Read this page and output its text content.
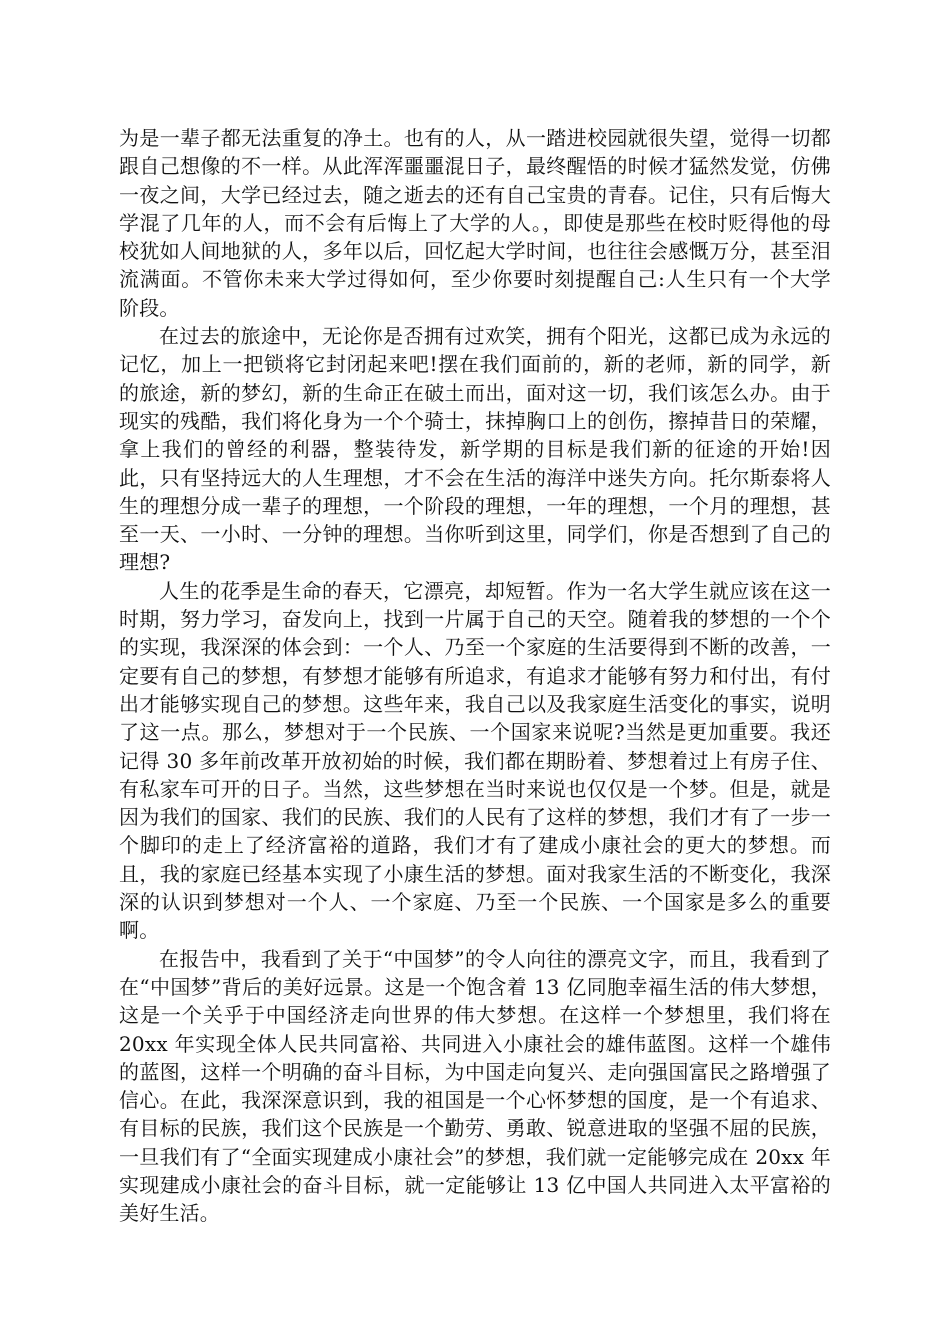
为是一辈子都无法重复的净土。也有的人，从一踏进校园就很失望，觉得一切都跟自己想像的不一样。从此浑浑噩噩混日子，最终醒悟的时候才猛然发觉，仿佛一夜之间，大学已经过去，随之逝去的还有自己宝贵的青春。记住，只有后悔大学混了几年的人，而不会有后悔上了大学的人。，即使是那些在校时贬得他的母校犹如人间地狱的人，多年以后，回忆起大学时间，也往往会感慨万分，甚至泪流满面。不管你未来大学过得如何，至少你要时刻提醒自己:人生只有一个大学阶段。

在过去的旅途中，无论你是否拥有过欢笑，拥有个阳光，这都已成为永远的记忆，加上一把锁将它封闭起来吧!摆在我们面前的，新的老师，新的同学，新的旅途，新的梦幻，新的生命正在破土而出，面对这一切，我们该怎么办。由于现实的残酷，我们将化身为一个个骑士，抹掉胸口上的创伤，擦掉昔日的荣耀，拿上我们的曾经的利器，整装待发，新学期的目标是我们新的征途的开始!因此，只有坚持远大的人生理想，才不会在生活的海洋中迷失方向。托尔斯泰将人生的理想分成一辈子的理想，一个阶段的理想，一年的理想，一个月的理想，甚至一天、一小时、一分钟的理想。当你听到这里，同学们，你是否想到了自己的理想?

人生的花季是生命的春天，它漂亮，却短暂。作为一名大学生就应该在这一时期，努力学习，奋发向上，找到一片属于自己的天空。随着我的梦想的一个个的实现，我深深的体会到：一个人、乃至一个家庭的生活要得到不断的改善，一定要有自己的梦想，有梦想才能够有所追求，有追求才能够有努力和付出，有付出才能够实现自己的梦想。这些年来，我自己以及我家庭生活变化的事实，说明了这一点。那么，梦想对于一个民族、一个国家来说呢?当然是更加重要。我还记得 30 多年前改革开放初始的时候，我们都在期盼着、梦想着过上有房子住、有私家车可开的日子。当然，这些梦想在当时来说也仅仅是一个梦。但是，就是因为我们的国家、我们的民族、我们的人民有了这样的梦想，我们才有了一步一个脚印的走上了经济富裕的道路，我们才有了建成小康社会的更大的梦想。而且，我的家庭已经基本实现了小康生活的梦想。面对我家生活的不断变化，我深深的认识到梦想对一个人、一个家庭、乃至一个民族、一个国家是多么的重要啊。

在报告中，我看到了关于“中国梦”的令人向往的漂亮文字，而且，我看到了在“中国梦”背后的美好远景。这是一个饱含着 13 亿同胞幸福生活的伟大梦想，这是一个关乎于中国经济走向世界的伟大梦想。在这样一个梦想里，我们将在 20xx 年实现全体人民共同富裕、共同进入小康社会的雄伟蓝图。这样一个雄伟的蓝图，这样一个明确的奋斗目标，为中国走向复兴、走向强国富民之路增强了信心。在此，我深深意识到，我的祖国是一个心怀梦想的国度，是一个有追求、有目标的民族，我们这个民族是一个勤劳、勇敢、锐意进取的坚强不屈的民族，一旦我们有了“全面实现建成小康社会”的梦想，我们就一定能够完成在 20xx 年实现建成小康社会的奋斗目标，就一定能够让 13 亿中国人共同进入太平富裕的美好生活。
